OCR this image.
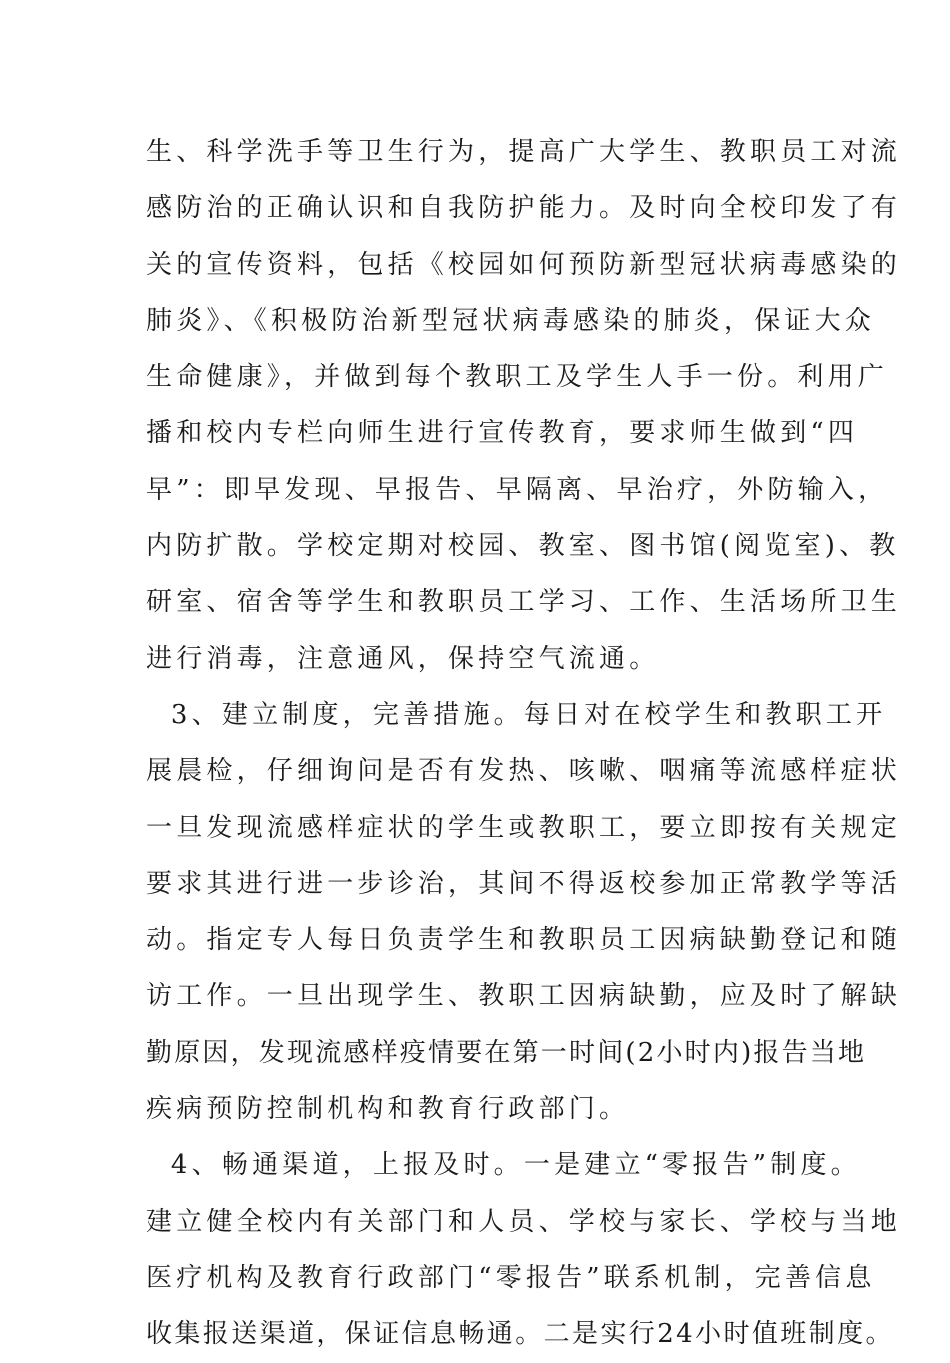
生、科学洗手等卫生行为，提高广大学生、教职员工对流
感防治的正确认识和自我防护能力。及时向全校印发了有
关的宣传资料，包括《校园如何预防新型冠状病毒感染的
肺炎》、《积极防治新型冠状病毒感染的肺炎，保证大众
生命健康》，并做到每个教职工及学生人手一份。利用广
播和校内专栏向师生进行宣传教育，要求师生做到“四
早”：即早发现、早报告、早隔离、早治疗，外防输入，
内防扩散。学校定期对校园、教室、图书馆(阅览室)、教
研室、宿舍等学生和教职员工学习、工作、生活场所卫生
进行消毒，注意通风，保持空气流通。
3、建立制度，完善措施。每日对在校学生和教职工开
展晨检，仔细询问是否有发热、咳嗽、咽痛等流感样症状
一旦发现流感样症状的学生或教职工，要立即按有关规定
要求其进行进一步诊治，其间不得返校参加正常教学等活
动。指定专人每日负责学生和教职员工因病缺勤登记和随
访工作。一旦出现学生、教职工因病缺勤，应及时了解缺
勤原因，发现流感样疫情要在第一时间(2小时内)报告当地
疾病预防控制机构和教育行政部门。
4、畅通渠道，上报及时。一是建立“零报告”制度。
建立健全校内有关部门和人员、学校与家长、学校与当地
医疗机构及教育行政部门“零报告”联系机制，完善信息
收集报送渠道，保证信息畅通。二是实行24小时值班制度。
